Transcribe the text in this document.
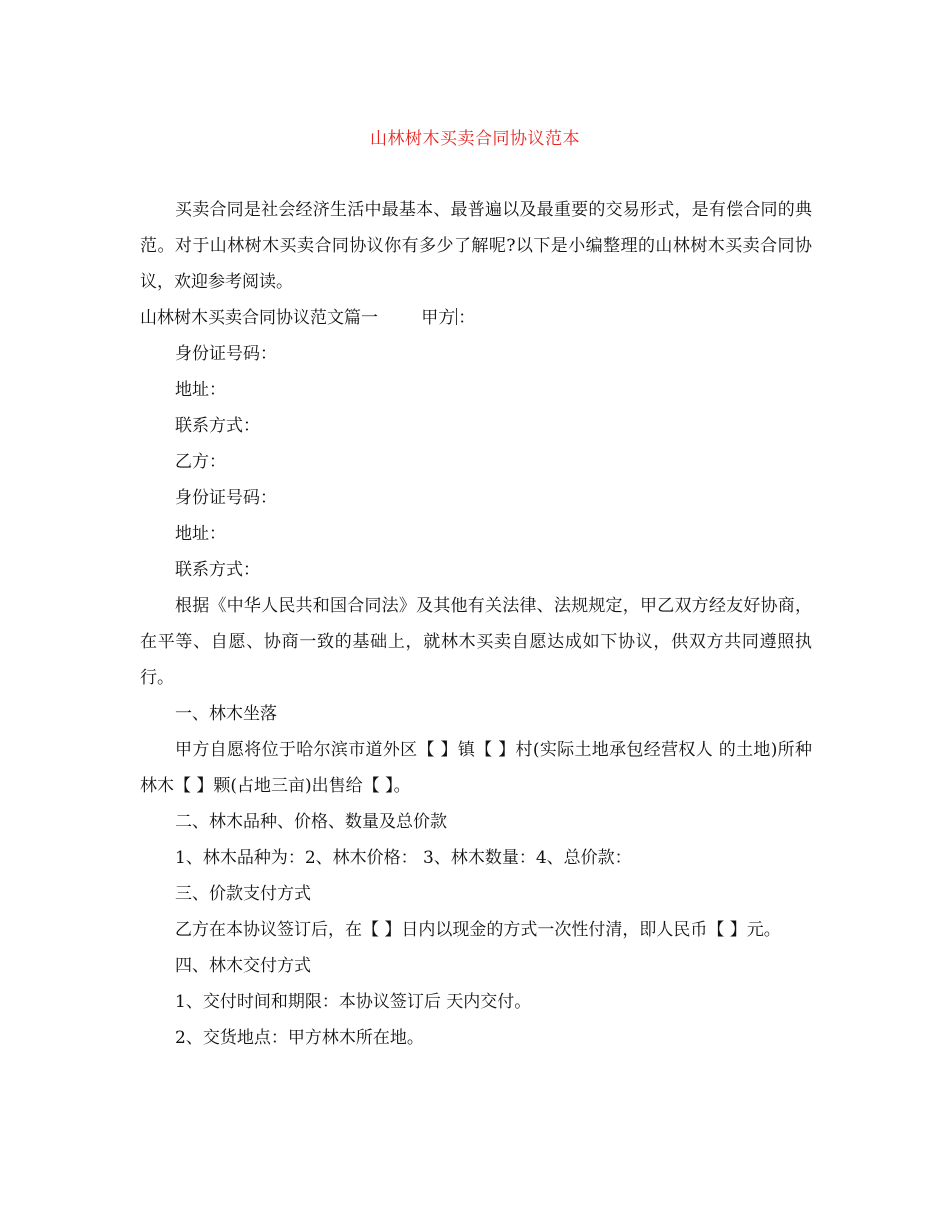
山林树木买卖合同协议范本

买卖合同是社会经济生活中最基本、最普遍以及最重要的交易形式，是有偿合同的典范。对于山林树木买卖合同协议你有多少了解呢?以下是小编整理的山林树木买卖合同协议，欢迎参考阅读。

山林树木买卖合同协议范文篇一	甲方 ：

身份证号码：

地址：

联系方式：

乙方：

身份证号码：

地址：

联系方式：

根据《中华人民共和国合同法》及其他有关法律、法规规定，甲乙双方经友好协商，在平等、自愿、协商一致的基础上，就林木买卖自愿达成如下协议，供双方共同遵照执行。

一、林木坐落

甲方自愿将位于哈尔滨市道外区【 】镇【 】村(实际土地承包经营权人 的土地)所种林木【 】颗(占地三亩)出售给【 】。

二、林木品种、价格、数量及总价款

1、林木品种为：2、林木价格： 3、林木数量：4、总价款：

三、价款支付方式

乙方在本协议签订后，在【 】日内以现金的方式一次性付清，即人民币【 】元。

四、林木交付方式

1、交付时间和期限：本协议签订后 天内交付。

2、交货地点：甲方林木所在地。
